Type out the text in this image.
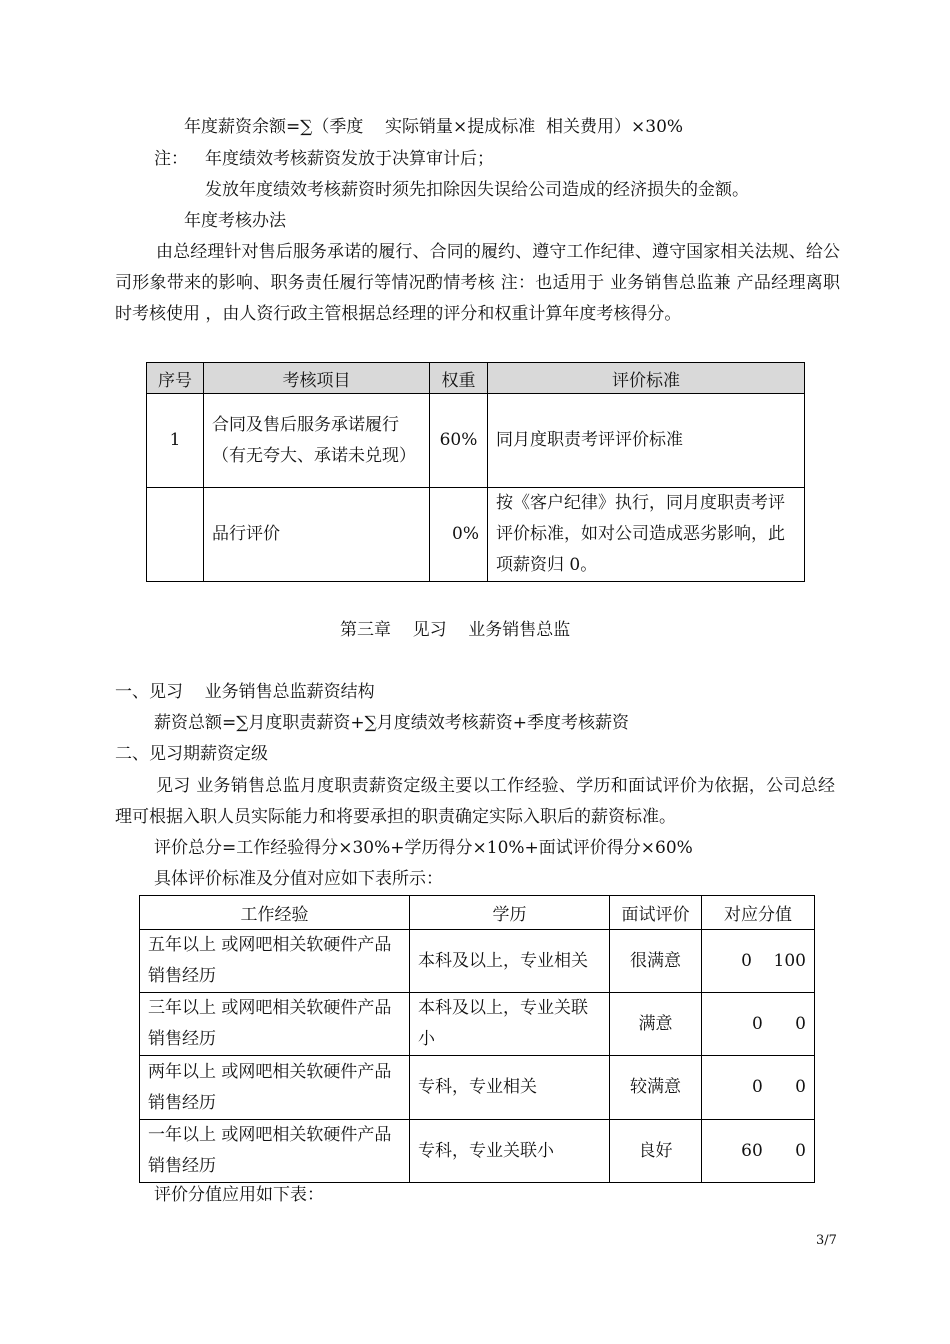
年度薪资余额=∑（季度    实际销量×提成标准  相关费用）×30%
注： 年度绩效考核薪资发放于决算审计后；
发放年度绩效考核薪资时须先扣除因失误给公司造成的经济损失的金额。
年度考核办法
由总经理针对售后服务承诺的履行、合同的履约、遵守工作纪律、遵守国家相关法规、给公司形象带来的影响、职务责任履行等情况酌情考核 注：也适用于 业务销售总监兼 产品经理离职时考核使用 ，由人资行政主管根据总经理的评分和权重计算年度考核得分。
序号	考核项目	权重	评价标准
1	合同及售后服务承诺履行（有无夸大、承诺未兑现）	60%	同月度职责考评评价标准
	品行评价	0%	按《客户纪律》执行，同月度职责考评评价标准，如对公司造成恶劣影响，此项薪资归 0。
第三章    见习    业务销售总监
一、见习    业务销售总监薪资结构
薪资总额=∑月度职责薪资+∑月度绩效考核薪资+季度考核薪资
二、见习期薪资定级
见习 业务销售总监月度职责薪资定级主要以工作经验、学历和面试评价为依据，公司总经理可根据入职人员实际能力和将要承担的职责确定实际入职后的薪资标准。
评价总分=工作经验得分×30%+学历得分×10%+面试评价得分×60%
具体评价标准及分值对应如下表所示：
工作经验	学历	面试评价	对应分值
五年以上 或网吧相关软硬件产品销售经历	本科及以上，专业相关	很满意	0    100
三年以上 或网吧相关软硬件产品销售经历	本科及以上，专业关联小	满意	0      0
两年以上 或网吧相关软硬件产品销售经历	专科，专业相关	较满意	0      0
一年以上 或网吧相关软硬件产品销售经历	专科，专业关联小	良好	60      0
评价分值应用如下表：
3/7
